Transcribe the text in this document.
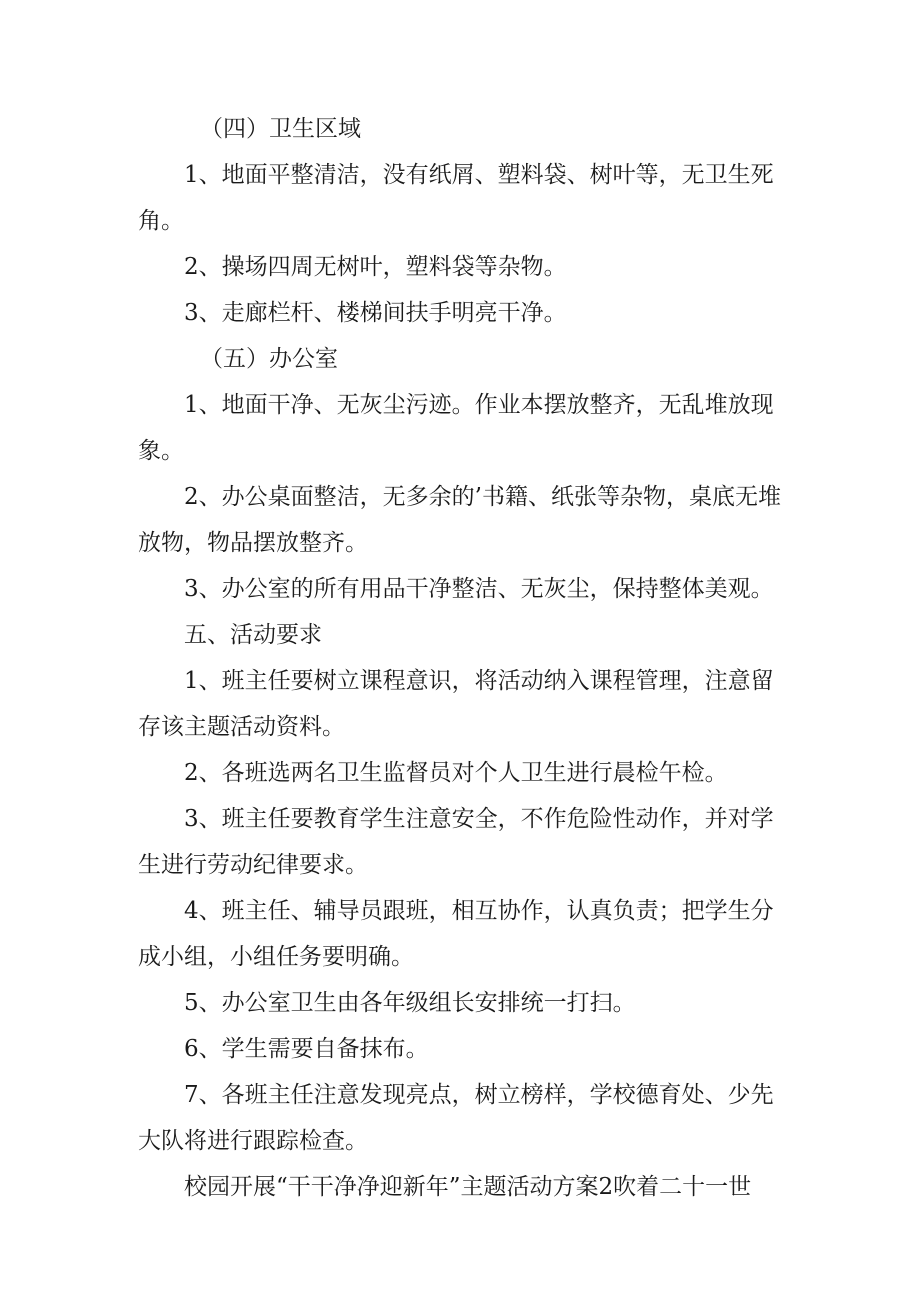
（四）卫生区域

1、地面平整清洁，没有纸屑、塑料袋、树叶等，无卫生死角。

2、操场四周无树叶，塑料袋等杂物。

3、走廊栏杆、楼梯间扶手明亮干净。

（五）办公室

1、地面干净、无灰尘污迹。作业本摆放整齐，无乱堆放现象。

2、办公桌面整洁，无多余的’书籍、纸张等杂物，桌底无堆放物，物品摆放整齐。

3、办公室的所有用品干净整洁、无灰尘，保持整体美观。

五、活动要求

1、班主任要树立课程意识，将活动纳入课程管理，注意留存该主题活动资料。

2、各班选两名卫生监督员对个人卫生进行晨检午检。

3、班主任要教育学生注意安全，不作危险性动作，并对学生进行劳动纪律要求。

4、班主任、辅导员跟班，相互协作，认真负责；把学生分成小组，小组任务要明确。

5、办公室卫生由各年级组长安排统一打扫。

6、学生需要自备抹布。

7、各班主任注意发现亮点，树立榜样，学校德育处、少先大队将进行跟踪检查。

校园开展“干干净净迎新年”主题活动方案2吹着二十一世
